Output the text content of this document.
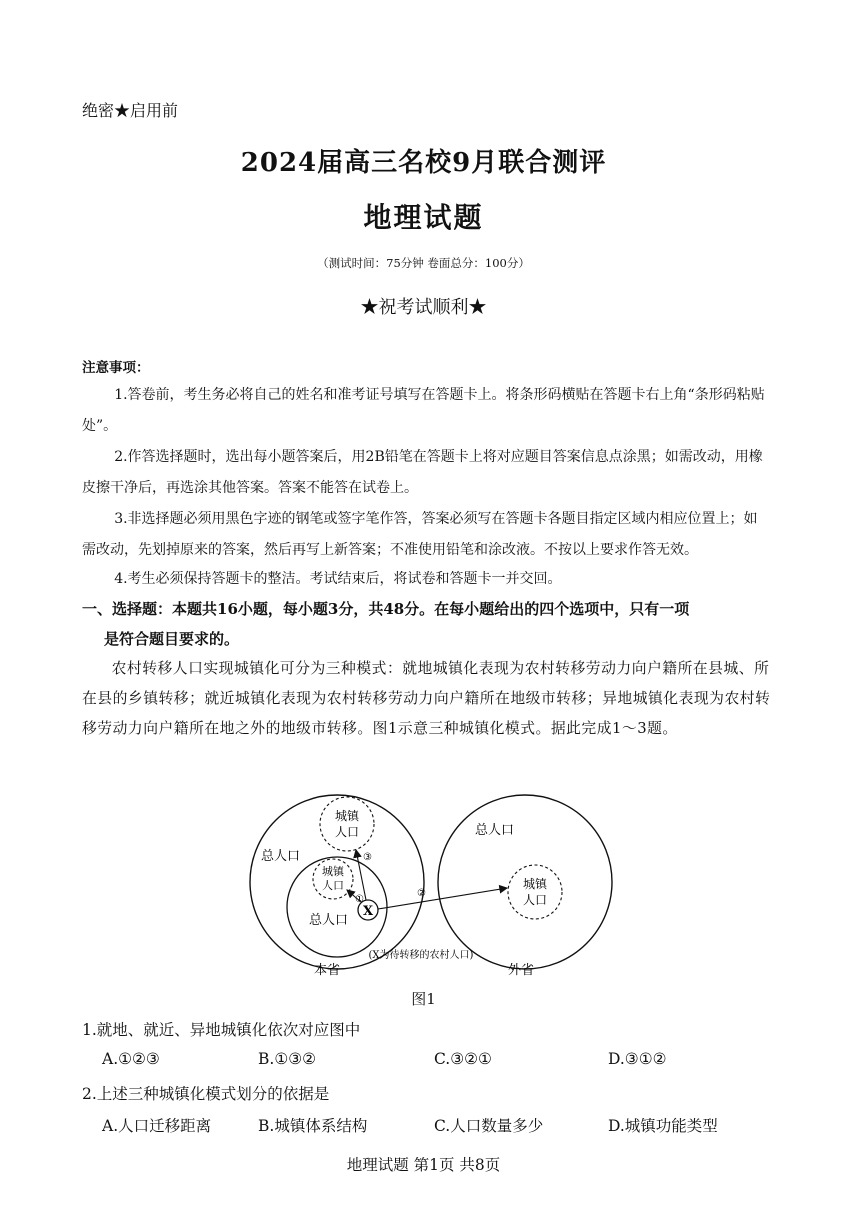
绝密★启用前
2024届高三名校9月联合测评
地理试题
（测试时间：75分钟 卷面总分：100分）
★祝考试顺利★
注意事项：
1.答卷前，考生务必将自己的姓名和准考证号填写在答题卡上。将条形码横贴在答题卡右上角“条形码粘贴处”。
2.作答选择题时，选出每小题答案后，用2B铅笔在答题卡上将对应题目答案信息点涂黑；如需改动，用橡皮擦干净后，再选涂其他答案。答案不能答在试卷上。
3.非选择题必须用黑色字迹的钢笔或签字笔作答，答案必须写在答题卡各题目指定区域内相应位置上；如需改动，先划掉原来的答案，然后再写上新答案；不准使用铅笔和涂改液。不按以上要求作答无效。
4.考生必须保持答题卡的整洁。考试结束后，将试卷和答题卡一并交回。
一、选择题：本题共16小题，每小题3分，共48分。在每小题给出的四个选项中，只有一项
是符合题目要求的。
农村转移人口实现城镇化可分为三种模式：就地城镇化表现为农村转移劳动力向户籍所在县城、所在县的乡镇转移；就近城镇化表现为农村转移劳动力向户籍所在地级市转移；异地城镇化表现为农村转移劳动力向户籍所在地之外的地级市转移。图1示意三种城镇化模式。据此完成1～3题。
X
①
③
②
城镇
人口
城镇
人口
总人口
总人口
总人口
城镇
人口
(X为待转移的农村人口)
本省	外省
图1
1.就地、就近、异地城镇化依次对应图中
A.①②③	B.①③②	C.③②①	D.③①②
2.上述三种城镇化模式划分的依据是
A.人口迁移距离	B.城镇体系结构	C.人口数量多少	D.城镇功能类型
地理试题 第1页 共8页
